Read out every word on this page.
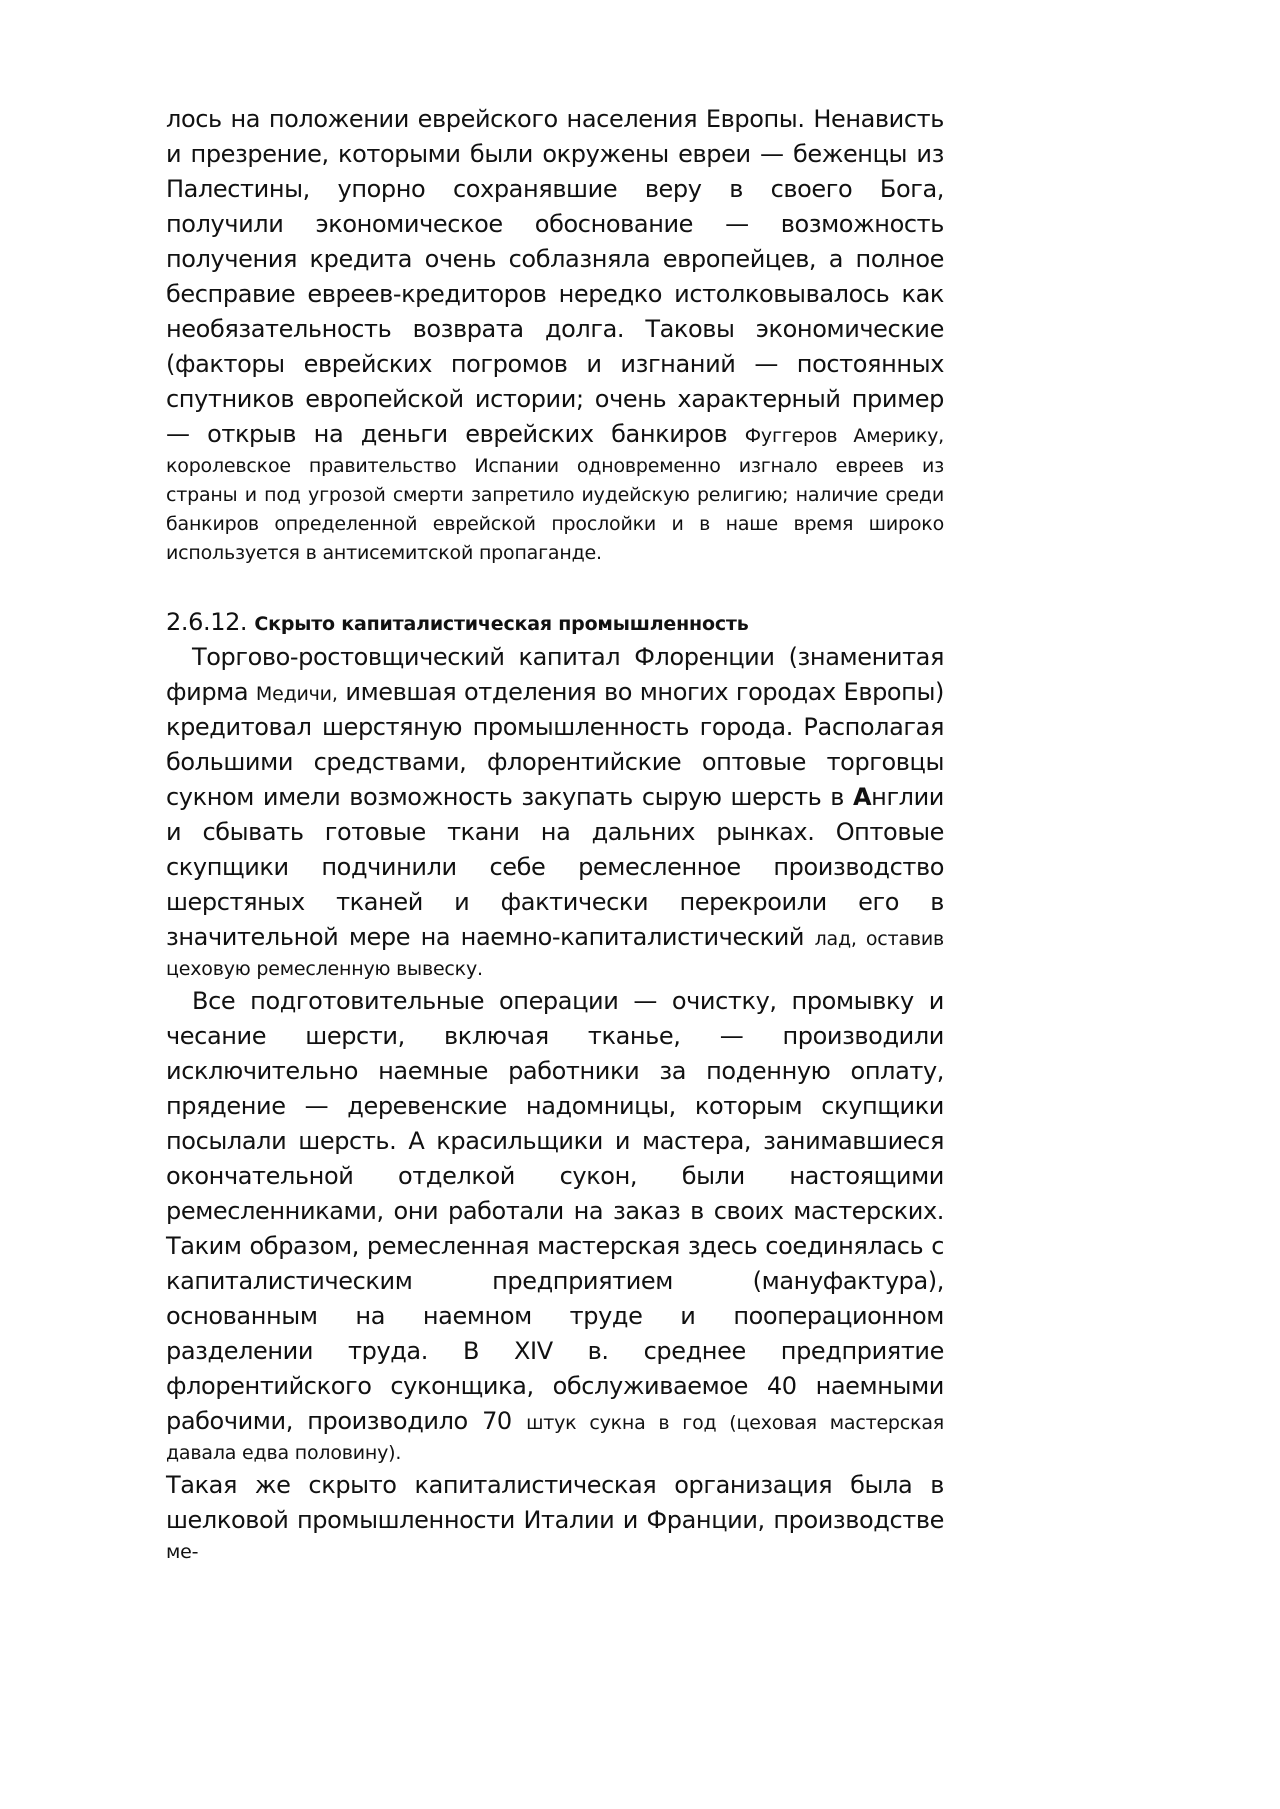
лось на положении еврейского населения Европы. Ненависть и презрение, которыми были окружены евреи — беженцы из Палестины, упорно сохранявшие веру в своего Бога, получили экономическое обоснование — возможность получения кредита очень соблазняла европейцев, а полное бесправие евреев-кредиторов нередко истолковывалось как необязательность возврата долга. Таковы экономические (факторы еврейских погромов и изгнаний — постоянных спутников европейской истории; очень характерный пример — открыв на деньги еврейских банкиров Фуггеров Америку, королевское правительство Испании одновременно изгнало евреев из страны и под угрозой смерти запретило иудейскую религию; наличие среди банкиров определенной еврейской прослойки и в наше время широко используется в антисемитской пропаганде.

2.6.12. Скрыто капиталистическая промышленность

Торгово-ростовщический капитал Флоренции (знаменитая фирма Медичи, имевшая отделения во многих городах Европы) кредитовал шерстяную промышленность города. Располагая большими средствами, флорентийские оптовые торговцы сукном имели возможность закупать сырую шерсть в Англии и сбывать готовые ткани на дальних рынках. Оптовые скупщики подчинили себе ремесленное производство шерстяных тканей и фактически перекроили его в значительной мере на наемно-капиталистический лад, оставив цеховую ремесленную вывеску.

Все подготовительные операции — очистку, промывку и чесание шерсти, включая тканье, — производили исключительно наемные работники за поденную оплату, прядение — деревенские надомницы, которым скупщики посылали шерсть. А красильщики и мастера, занимавшиеся окончательной отделкой сукон, были настоящими ремесленниками, они работали на заказ в своих мастерских. Таким образом, ремесленная мастерская здесь соединялась с капиталистическим предприятием (мануфактура), основанным на наемном труде и пооперационном разделении труда. В XIV в. среднее предприятие флорентийского суконщика, обслуживаемое 40 наемными рабочими, производило 70 штук сукна в год (цеховая мастерская давала едва половину).

Такая же скрыто капиталистическая организация была в шелковой промышленности Италии и Франции, производстве ме-
